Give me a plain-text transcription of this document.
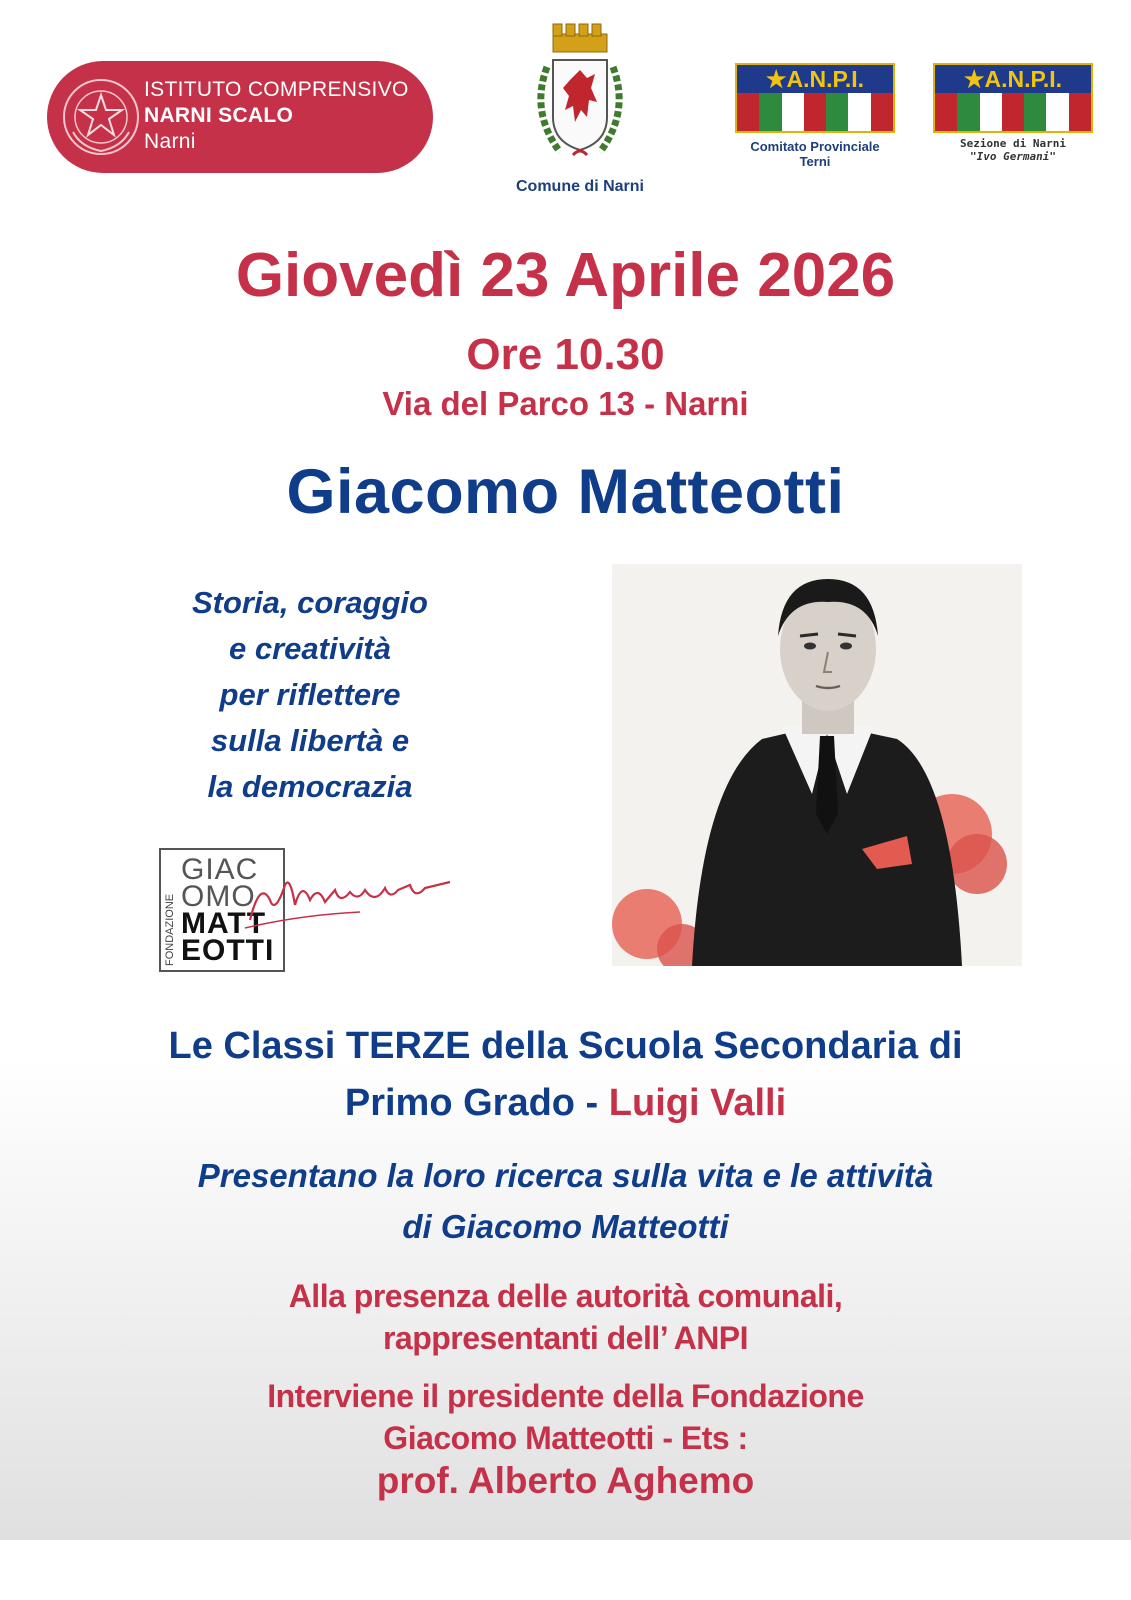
ISTITUTO COMPRENSIVO
NARNI SCALO
Narni
Comune di Narni
★A.N.P.I.
Comitato Provinciale Terni
★A.N.P.I.
Sezione di Narni
"Ivo Germani"
Giovedì 23 Aprile 2026
Ore 10.30
Via del Parco 13 - Narni
Giacomo Matteotti
Storia, coraggio
e creatività
per riflettere
sulla libertà e
la democrazia
FONDAZIONE
GIAC
OMO
MATT
EOTTI
Le Classi TERZE della Scuola Secondaria di
Primo Grado - Luigi Valli
Presentano la loro ricerca sulla vita e le attività
di Giacomo Matteotti
Alla presenza delle autorità comunali,
rappresentanti dell’ ANPI
Interviene il presidente della Fondazione
Giacomo Matteotti - Ets :
prof. Alberto Aghemo
